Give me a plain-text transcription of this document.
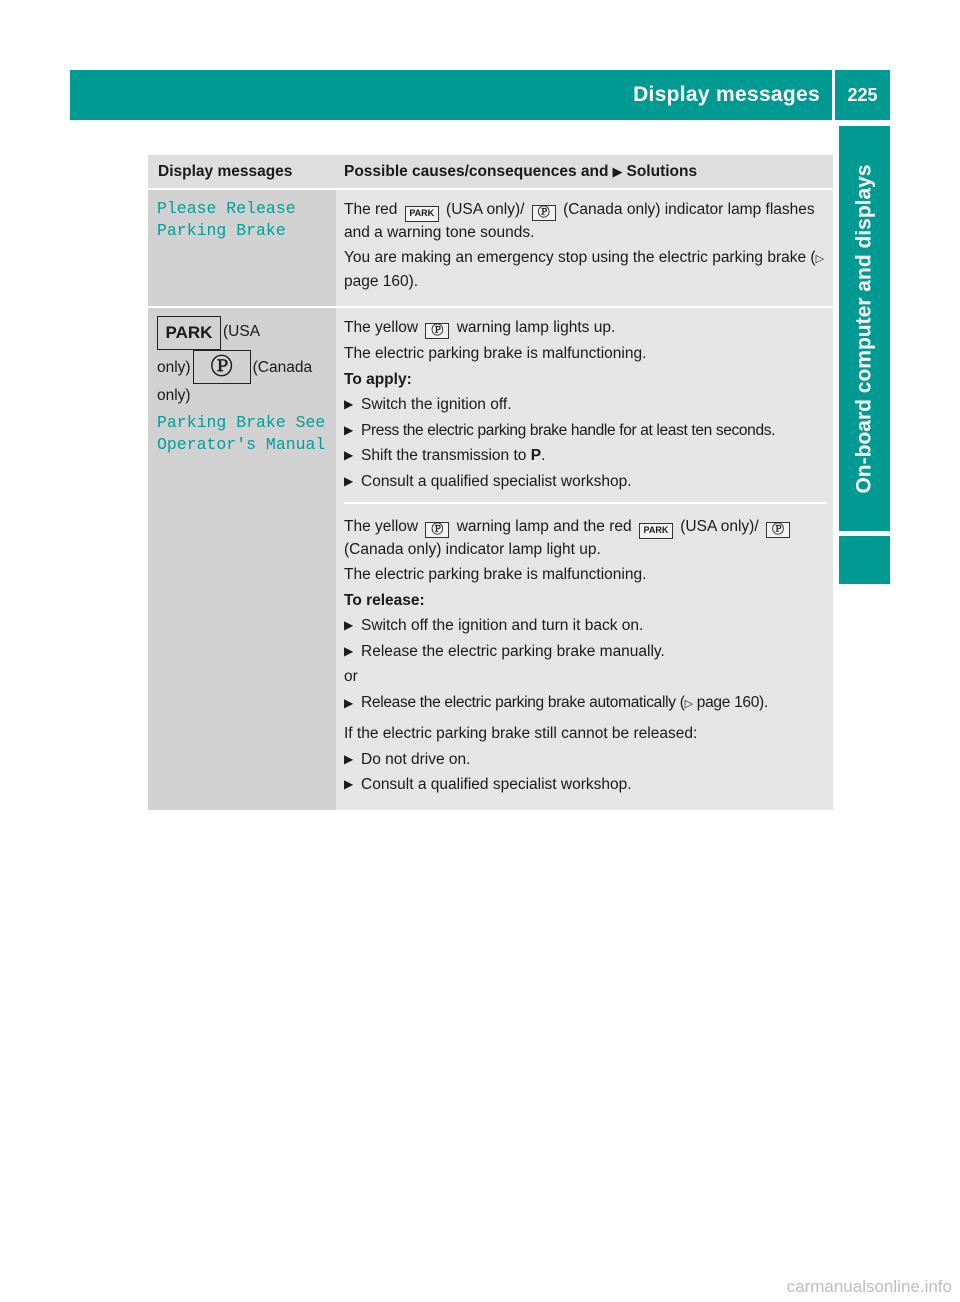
Display messages	225
On-board computer and displays
Display messages	Possible causes/consequences and ▶ Solutions
Please Release
Parking Brake

The red PARK (USA only)/ Ⓟ (Canada only) indicator lamp flashes and a warning tone sounds.

You are making an emergency stop using the electric parking brake (▷ page 160).

PARK (USA
only) Ⓟ (Canada
only)
Parking Brake See
Operator's Manual

The yellow Ⓟ warning lamp lights up.

The electric parking brake is malfunctioning.

To apply:

▶ Switch the ignition off.
▶ Press the electric parking brake handle for at least ten seconds.
▶ Shift the transmission to P.
▶ Consult a qualified specialist workshop.

The yellow Ⓟ warning lamp and the red PARK (USA only)/ Ⓟ (Canada only) indicator lamp light up.

The electric parking brake is malfunctioning.

To release:

▶ Switch off the ignition and turn it back on.
▶ Release the electric parking brake manually.

or

▶ Release the electric parking brake automatically (▷ page 160).

If the electric parking brake still cannot be released:

▶ Do not drive on.
▶ Consult a qualified specialist workshop.
carmanualsonline.info
